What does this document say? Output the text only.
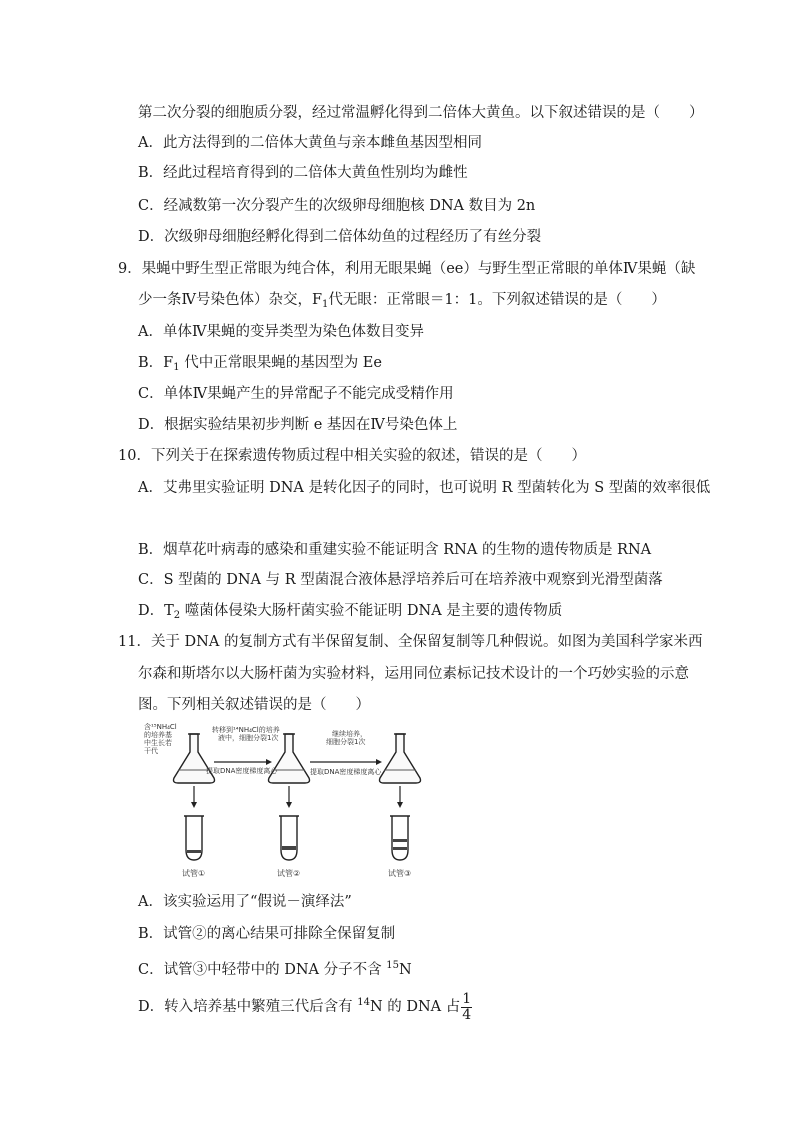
第二次分裂的细胞质分裂，经过常温孵化得到二倍体大黄鱼。以下叙述错误的是（　　）
A．此方法得到的二倍体大黄鱼与亲本雌鱼基因型相同
B．经此过程培育得到的二倍体大黄鱼性别均为雌性
C．经减数第一次分裂产生的次级卵母细胞核 DNA 数目为 2n
D．次级卵母细胞经孵化得到二倍体幼鱼的过程经历了有丝分裂
9．果蝇中野生型正常眼为纯合体，利用无眼果蝇（ee）与野生型正常眼的单体Ⅳ果蝇（缺
少一条Ⅳ号染色体）杂交，$F_1$代无眼：正常眼＝1：1。下列叙述错误的是（　　）
A．单体Ⅳ果蝇的变异类型为染色体数目变异
B．$F_1$ 代中正常眼果蝇的基因型为 Ee
C．单体Ⅳ果蝇产生的异常配子不能完成受精作用
D．根据实验结果初步判断 e 基因在Ⅳ号染色体上
10．下列关于在探索遗传物质过程中相关实验的叙述，错误的是（　　）
A．艾弗里实验证明 DNA 是转化因子的同时，也可说明 R 型菌转化为 S 型菌的效率很低
B．烟草花叶病毒的感染和重建实验不能证明含 RNA 的生物的遗传物质是 RNA
C．S 型菌的 DNA 与 R 型菌混合液体悬浮培养后可在培养液中观察到光滑型菌落
D．$T_2$ 噬菌体侵染大肠杆菌实验不能证明 DNA 是主要的遗传物质
11．关于 DNA 的复制方式有半保留复制、全保留复制等几种假说。如图为美国科学家米西
尔森和斯塔尔以大肠杆菌为实验材料，运用同位素标记技术设计的一个巧妙实验的示意
图。下列相关叙述错误的是（　　）
含¹⁵NH₄Cl
的培养基
中生长若
干代
转移到¹⁴NH₄Cl的培养
液中，细胞分裂1次
提取DNA密度梯度离心
继续培养，
细胞分裂1次
提取DNA密度梯度离心
试管①	试管②	试管③
A．该实验运用了“假说－演绎法”
B．试管②的离心结果可排除全保留复制
C．试管③中轻带中的 DNA 分子不含 $^{15}$N
D．转入培养基中繁殖三代后含有 $^{14}$N 的 DNA 占 $\frac{1}{4}$
